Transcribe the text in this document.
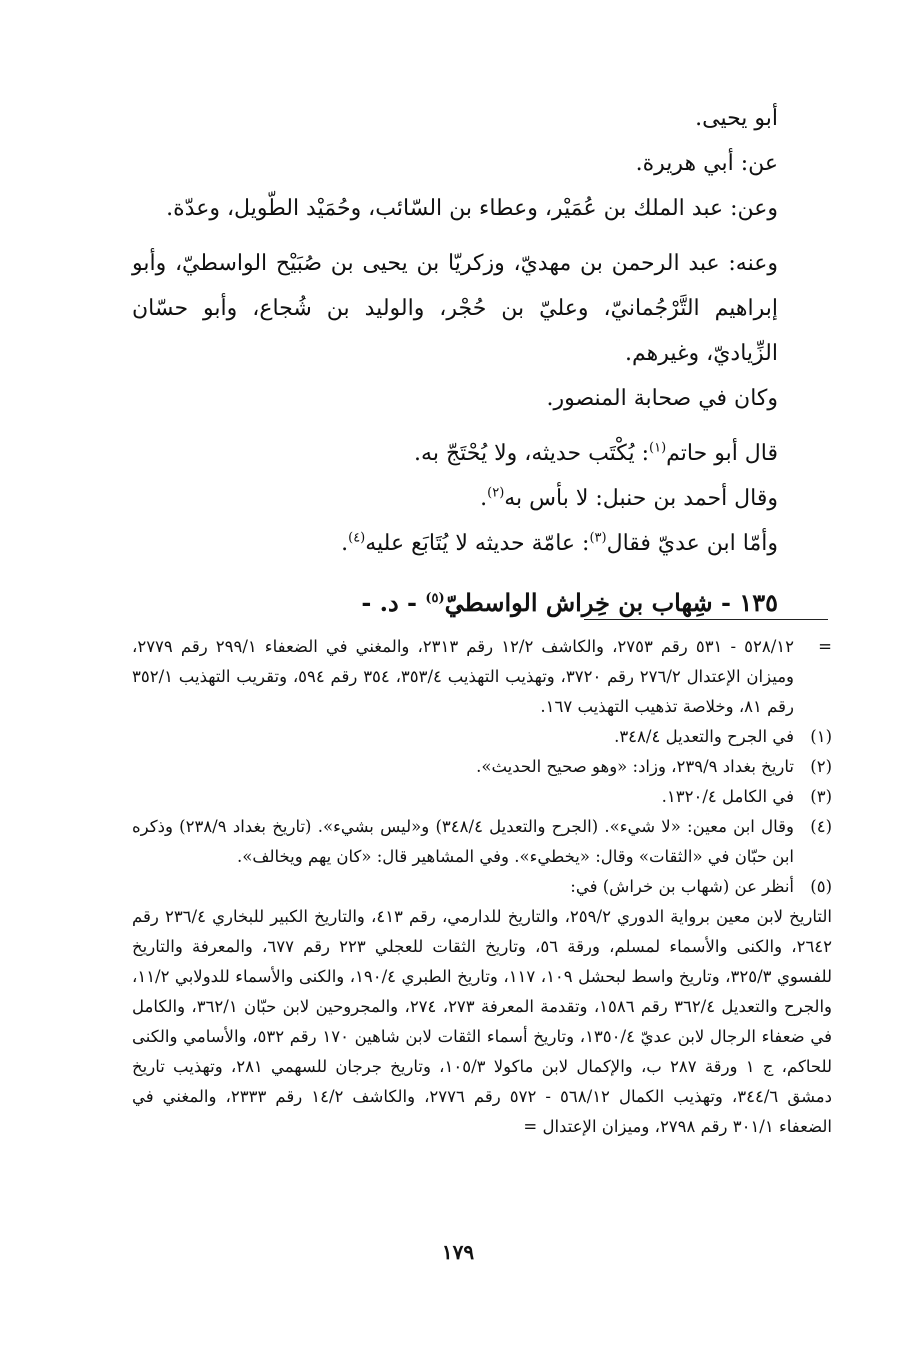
أبو يحيى.

عن: أبي هريرة.

وعن: عبد الملك بن عُمَيْر، وعطاء بن السّائب، وحُمَيْد الطّويل، وعدّة.

وعنه: عبد الرحمن بن مهديّ، وزكريّا بن يحيى بن صُبَيْح الواسطيّ، وأبو إبراهيم التَّرْجُمانيّ، وعليّ بن حُجْر، والوليد بن شُجاع، وأبو حسّان الزِّياديّ، وغيرهم.

وكان في صحابة المنصور.

قال أبو حاتم$^{(١)}$: يُكْتَب حديثه، ولا يُحْتَجّ به.

وقال أحمد بن حنبل: لا بأس به$^{(٢)}$.

وأمّا ابن عديّ فقال$^{(٣)}$: عامّة حديثه لا يُتَابَع عليه$^{(٤)}$.

١٣٥ - شِهاب بن خِراش الواسطيّ$^{(٥)}$ - د. -

=
٥٢٨/١٢ - ٥٣١ رقم ٢٧٥٣، والكاشف ١٢/٢ رقم ٢٣١٣، والمغني في الضعفاء ٢٩٩/١ رقم ٢٧٧٩، وميزان الإعتدال ٢٧٦/٢ رقم ٣٧٢٠، وتهذيب التهذيب ٣٥٣/٤، ٣٥٤ رقم ٥٩٤، وتقريب التهذيب ٣٥٢/١ رقم ٨١، وخلاصة تذهيب التهذيب ١٦٧.
(١)
في الجرح والتعديل ٣٤٨/٤.
(٢)
تاريخ بغداد ٢٣٩/٩، وزاد: «وهو صحيح الحديث».
(٣)
في الكامل ١٣٢٠/٤.
(٤)
وقال ابن معين: «لا شيء». (الجرح والتعديل ٣٤٨/٤) و«ليس بشيء». (تاريخ بغداد ٢٣٨/٩) وذكره ابن حبّان في «الثقات» وقال: «يخطيء». وفي المشاهير قال: «كان يهم ويخالف».
(٥)
أنظر عن (شهاب بن خراش) في:
التاريخ لابن معين برواية الدوري ٢٥٩/٢، والتاريخ للدارمي، رقم ٤١٣، والتاريخ الكبير للبخاري ٢٣٦/٤ رقم ٢٦٤٢، والكنى والأسماء لمسلم، ورقة ٥٦، وتاريخ الثقات للعجلي ٢٢٣ رقم ٦٧٧، والمعرفة والتاريخ للفسوي ٣٢٥/٣، وتاريخ واسط لبحشل ١٠٩، ١١٧، وتاريخ الطبري ١٩٠/٤، والكنى والأسماء للدولابي ١١/٢، والجرح والتعديل ٣٦٢/٤ رقم ١٥٨٦، وتقدمة المعرفة ٢٧٣، ٢٧٤، والمجروحين لابن حبّان ٣٦٢/١، والكامل في ضعفاء الرجال لابن عديّ ١٣٥٠/٤، وتاريخ أسماء الثقات لابن شاهين ١٧٠ رقم ٥٣٢، والأسامي والكنى للحاكم، ج ١ ورقة ٢٨٧ ب، والإكمال لابن ماكولا ١٠٥/٣، وتاريخ جرجان للسهمي ٢٨١، وتهذيب تاريخ دمشق ٣٤٤/٦، وتهذيب الكمال ٥٦٨/١٢ - ٥٧٢ رقم ٢٧٧٦، والكاشف ١٤/٢ رقم ٢٣٣٣، والمغني في الضعفاء ٣٠١/١ رقم ٢٧٩٨، وميزان الإعتدال =
١٧٩
